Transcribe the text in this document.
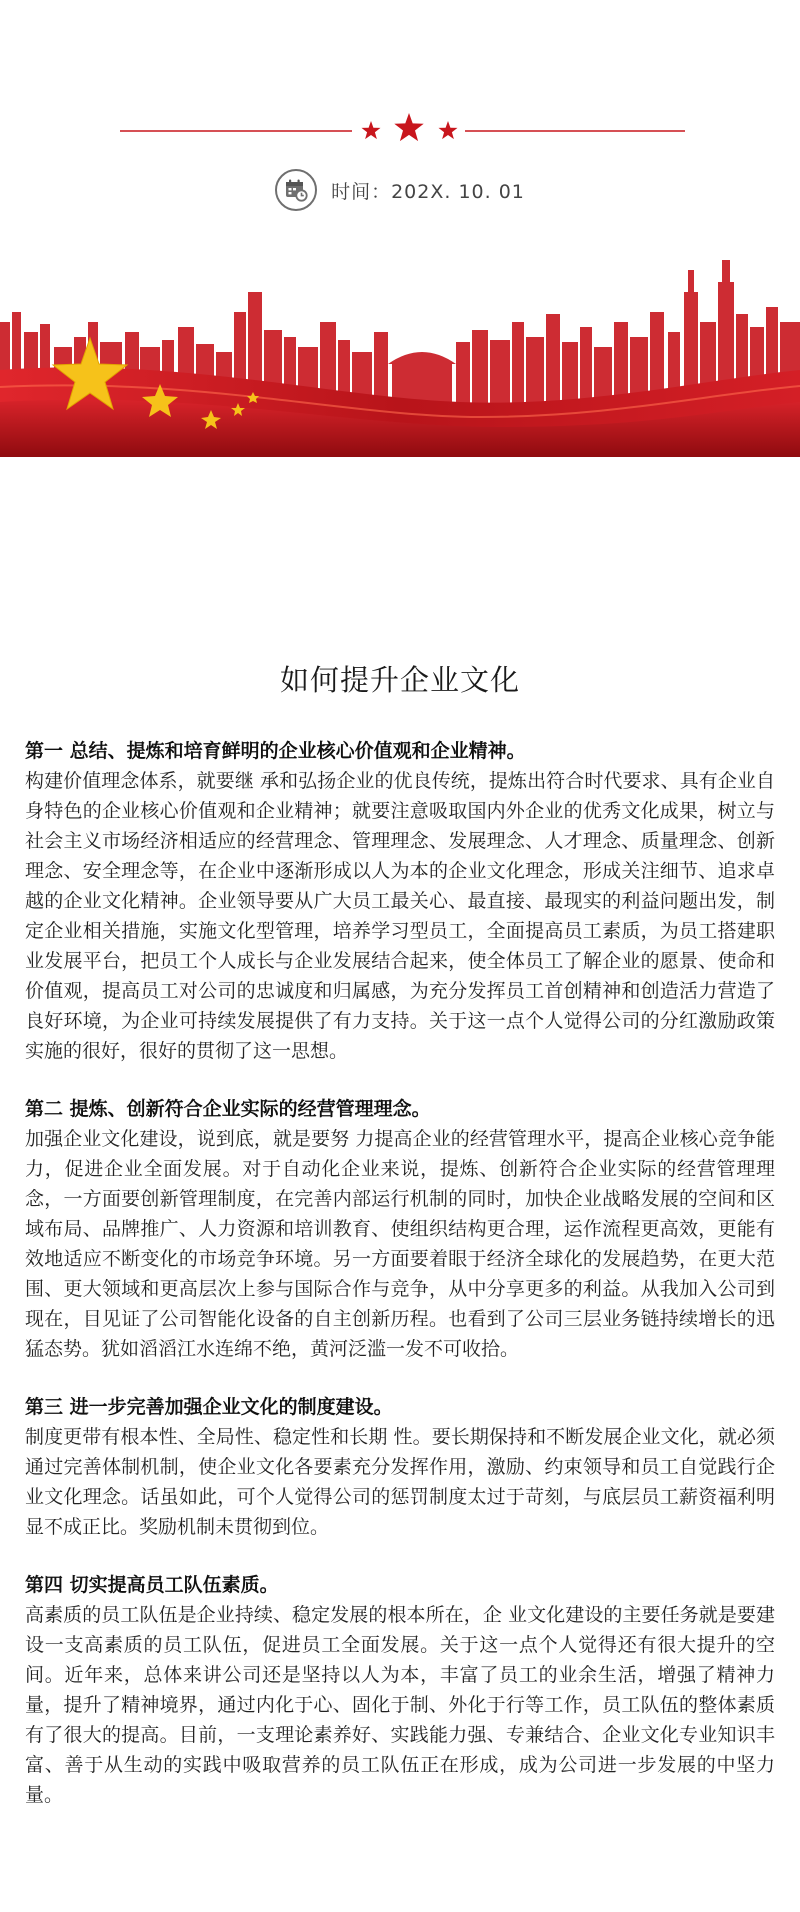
时间：202X. 10. 01
如何提升企业文化
第一 总结、提炼和培育鲜明的企业核心价值观和企业精神。
构建价值理念体系，就要继 承和弘扬企业的优良传统，提炼出符合时代要求、具有企业自身特色的企业核心价值观和企业精神；就要注意吸取国内外企业的优秀文化成果，树立与社会主义市场经济相适应的经营理念、管理理念、发展理念、人才理念、质量理念、创新理念、安全理念等，在企业中逐渐形成以人为本的企业文化理念，形成关注细节、追求卓越的企业文化精神。企业领导要从广大员工最关心、最直接、最现实的利益问题出发，制定企业相关措施，实施文化型管理，培养学习型员工，全面提高员工素质，为员工搭建职业发展平台，把员工个人成长与企业发展结合起来，使全体员工了解企业的愿景、使命和价值观，提高员工对公司的忠诚度和归属感，为充分发挥员工首创精神和创造活力营造了良好环境，为企业可持续发展提供了有力支持。关于这一点个人觉得公司的分红激励政策实施的很好，很好的贯彻了这一思想。
第二 提炼、创新符合企业实际的经营管理理念。
加强企业文化建设，说到底，就是要努 力提高企业的经营管理水平，提高企业核心竞争能力，促进企业全面发展。对于自动化企业来说，提炼、创新符合企业实际的经营管理理念，一方面要创新管理制度，在完善内部运行机制的同时，加快企业战略发展的空间和区域布局、品牌推广、人力资源和培训教育、使组织结构更合理，运作流程更高效，更能有效地适应不断变化的市场竞争环境。另一方面要着眼于经济全球化的发展趋势，在更大范围、更大领域和更高层次上参与国际合作与竞争，从中分享更多的利益。从我加入公司到现在，目见证了公司智能化设备的自主创新历程。也看到了公司三层业务链持续增长的迅猛态势。犹如滔滔江水连绵不绝，黄河泛滥一发不可收拾。
第三 进一步完善加强企业文化的制度建设。
制度更带有根本性、全局性、稳定性和长期 性。要长期保持和不断发展企业文化，就必须通过完善体制机制，使企业文化各要素充分发挥作用，激励、约束领导和员工自觉践行企业文化理念。话虽如此，可个人觉得公司的惩罚制度太过于苛刻，与底层员工薪资福利明显不成正比。奖励机制未贯彻到位。
第四 切实提高员工队伍素质。
高素质的员工队伍是企业持续、稳定发展的根本所在，企 业文化建设的主要任务就是要建设一支高素质的员工队伍，促进员工全面发展。关于这一点个人觉得还有很大提升的空间。近年来，总体来讲公司还是坚持以人为本，丰富了员工的业余生活，增强了精神力量，提升了精神境界，通过内化于心、固化于制、外化于行等工作，员工队伍的整体素质有了很大的提高。目前，一支理论素养好、实践能力强、专兼结合、企业文化专业知识丰富、善于从生动的实践中吸取营养的员工队伍正在形成，成为公司进一步发展的中坚力量。
